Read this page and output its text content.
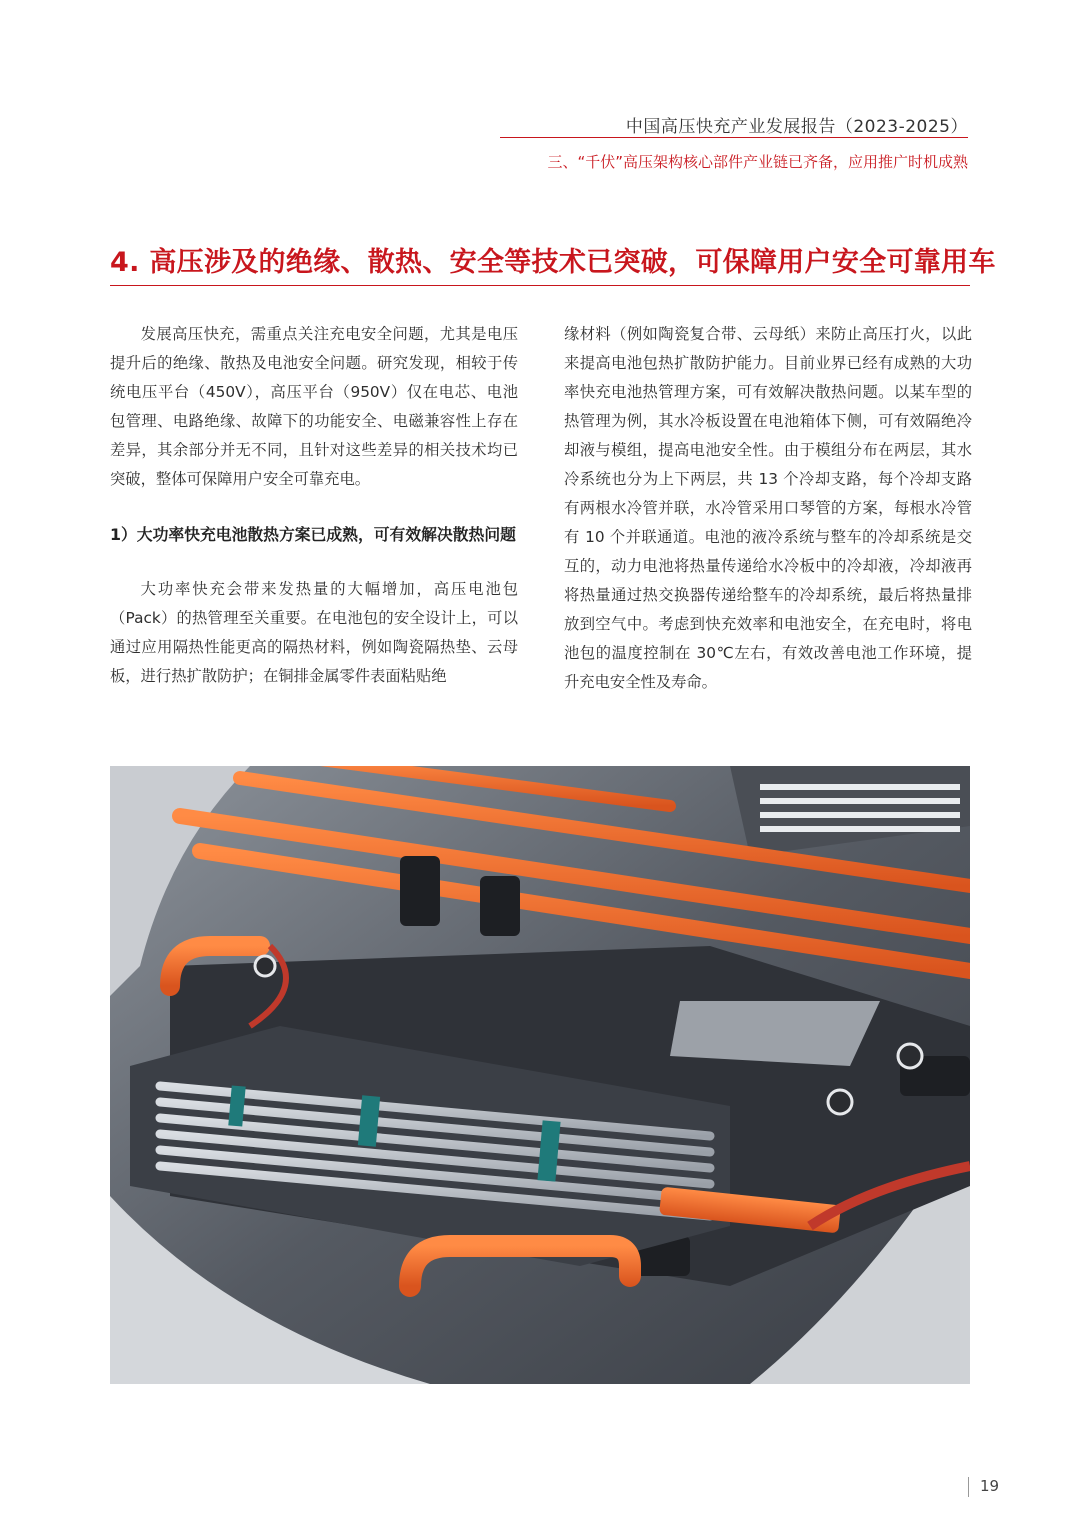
中国高压快充产业发展报告（2023-2025）
三、“千伏”高压架构核心部件产业链已齐备，应用推广时机成熟
4. 高压涉及的绝缘、散热、安全等技术已突破，可保障用户安全可靠用车

发展高压快充，需重点关注充电安全问题，尤其是电压提升后的绝缘、散热及电池安全问题。研究发现，相较于传统电压平台（450V），高压平台（950V）仅在电芯、电池包管理、电路绝缘、故障下的功能安全、电磁兼容性上存在差异，其余部分并无不同，且针对这些差异的相关技术均已突破，整体可保障用户安全可靠充电。

1）大功率快充电池散热方案已成熟，可有效解决散热问题

大功率快充会带来发热量的大幅增加，高压电池包（Pack）的热管理至关重要。在电池包的安全设计上，可以通过应用隔热性能更高的隔热材料，例如陶瓷隔热垫、云母板，进行热扩散防护；在铜排金属零件表面粘贴绝

缘材料（例如陶瓷复合带、云母纸）来防止高压打火，以此来提高电池包热扩散防护能力。目前业界已经有成熟的大功率快充电池热管理方案，可有效解决散热问题。以某车型的热管理为例，其水冷板设置在电池箱体下侧，可有效隔绝冷却液与模组，提高电池安全性。由于模组分布在两层，其水冷系统也分为上下两层，共 13 个冷却支路，每个冷却支路有两根水冷管并联，水冷管采用口琴管的方案，每根水冷管有 10 个并联通道。电池的液冷系统与整车的冷却系统是交互的，动力电池将热量传递给水冷板中的冷却液，冷却液再将热量通过热交换器传递给整车的冷却系统，最后将热量排放到空气中。考虑到快充效率和电池安全，在充电时，将电池包的温度控制在 30℃左右，有效改善电池工作环境，提升充电安全性及寿命。

19
